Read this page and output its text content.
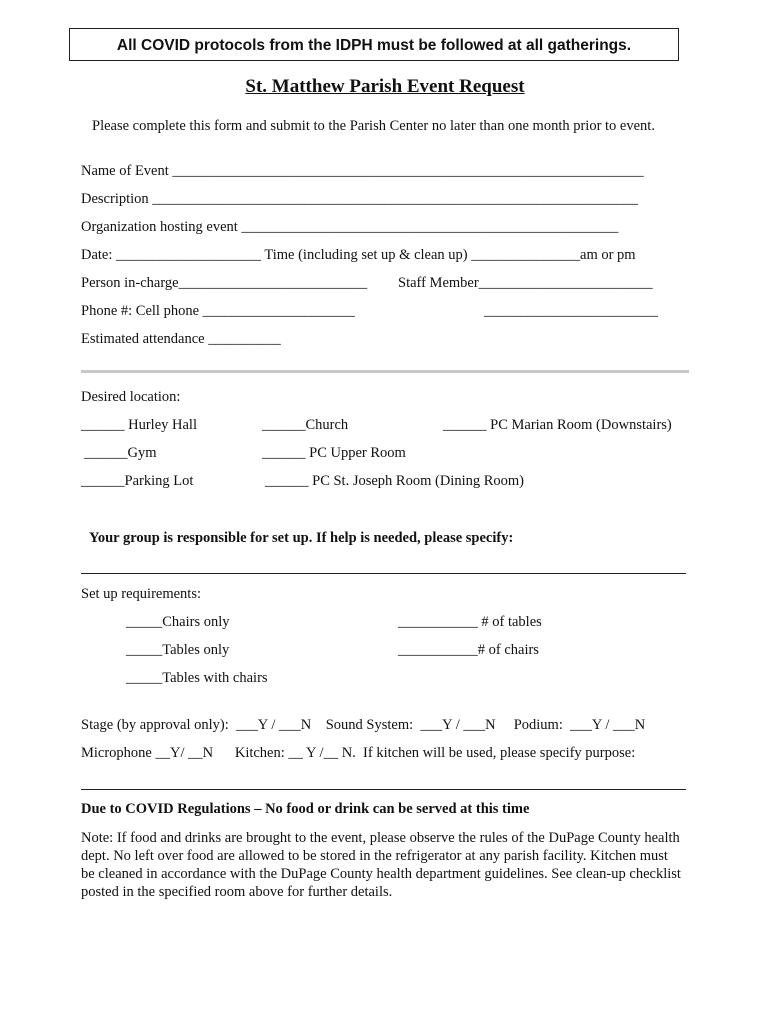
All COVID protocols from the IDPH must be followed at all gatherings.
St. Matthew Parish Event Request
Please complete this form and submit to the Parish Center no later than one month prior to event.
Name of Event _________________________________________________________________
Description ___________________________________________________________________
Organization hosting event ____________________________________________________
Date: ____________________ Time (including set up & clean up) _______________am or pm
Person in-charge__________________________ Staff Member________________________
Phone #: Cell phone _____________________	________________________
Estimated attendance __________
Desired location:
______ Hurley Hall	______Church	______ PC Marian Room (Downstairs)
______Gym	______ PC Upper Room
______Parking Lot	______ PC St. Joseph Room (Dining Room)
Your group is responsible for set up. If help is needed, please specify:
Set up requirements:
_____Chairs only	___________ # of tables
_____Tables only	___________# of chairs
_____Tables with chairs
Stage (by approval only):  ___Y / ___N    Sound System:  ___Y / ___N     Podium:  ___Y / ___N
Microphone __Y/ __N      Kitchen: __ Y /__ N.  If kitchen will be used, please specify purpose:
Due to COVID Regulations – No food or drink can be served at this time
Note: If food and drinks are brought to the event, please observe the rules of the DuPage County health dept. No left over food are allowed to be stored in the refrigerator at any parish facility. Kitchen must be cleaned in accordance with the DuPage County health department guidelines. See clean-up checklist posted in the specified room above for further details.
